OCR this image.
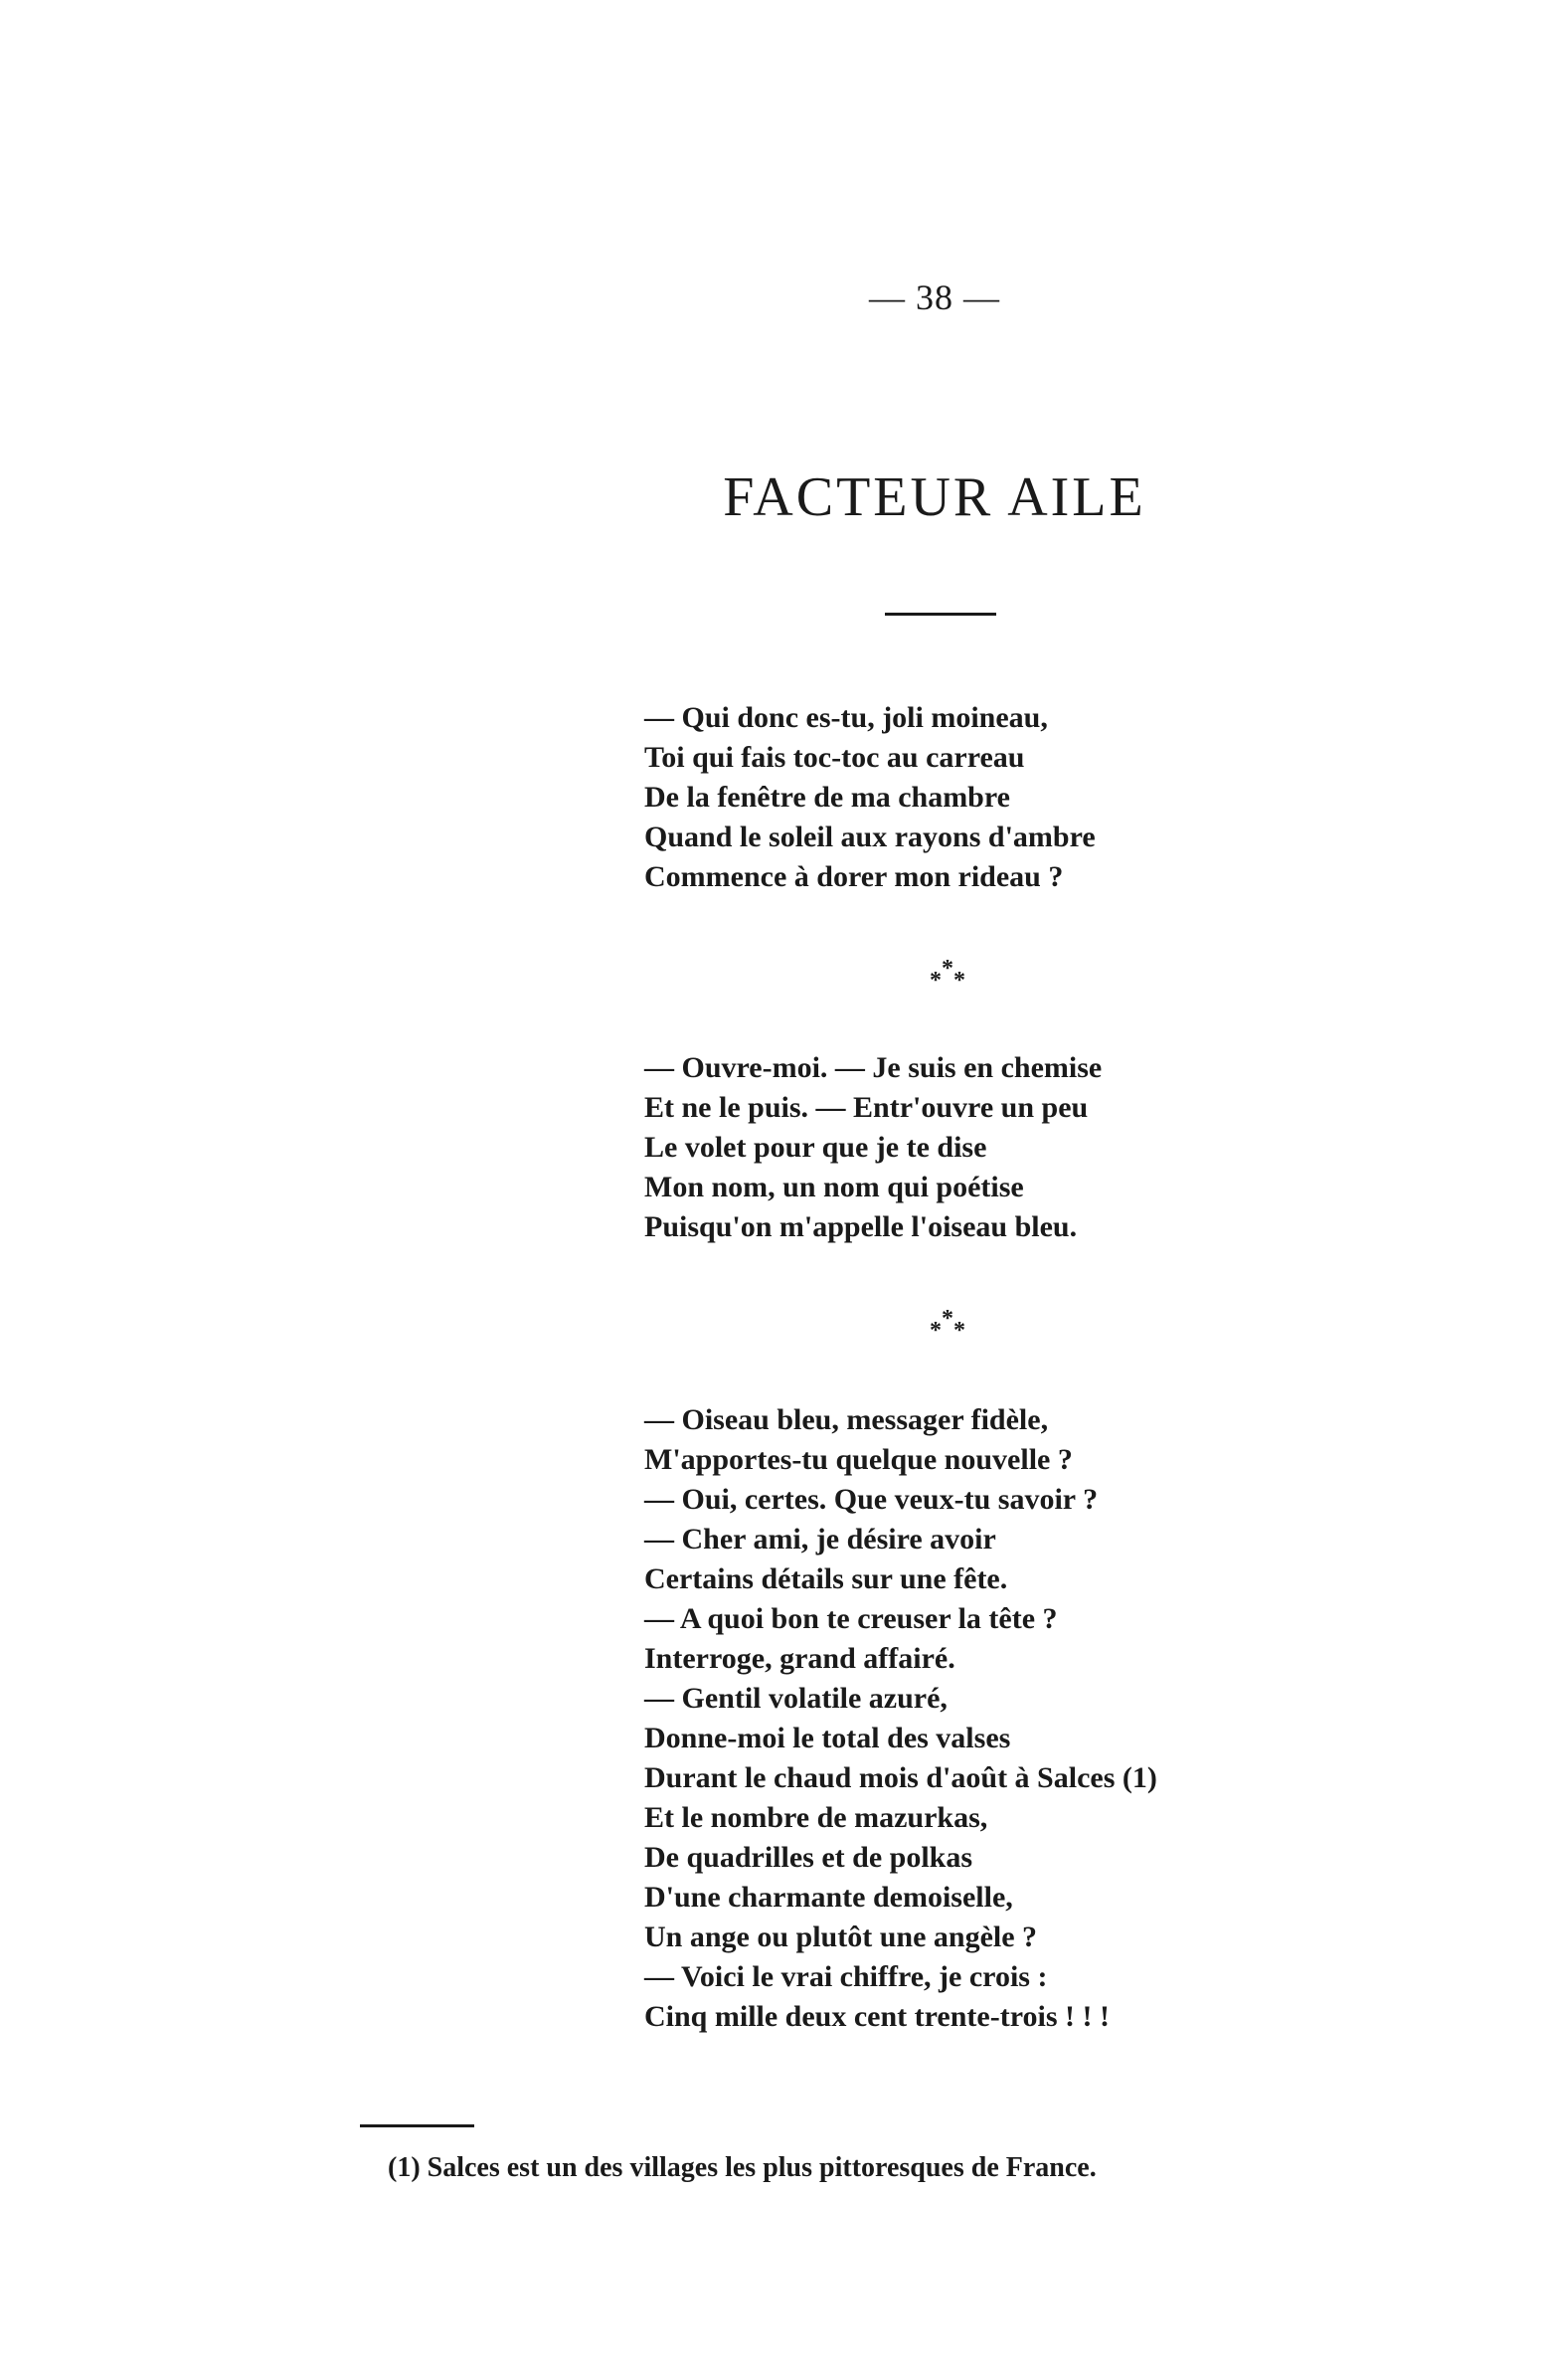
— 38 —
FACTEUR AILE
— Qui donc es-tu, joli moineau,
Toi qui fais toc-toc au carreau
De la fenêtre de ma chambre
Quand le soleil aux rayons d'ambre
Commence à dorer mon rideau ?
*
* *
— Ouvre-moi. — Je suis en chemise
Et ne le puis. — Entr'ouvre un peu
Le volet pour que je te dise
Mon nom, un nom qui poétise
Puisqu'on m'appelle l'oiseau bleu.
*
* *
— Oiseau bleu, messager fidèle,
M'apportes-tu quelque nouvelle ?
— Oui, certes. Que veux-tu savoir ?
— Cher ami, je désire avoir
Certains détails sur une fête.
— A quoi bon te creuser la tête ?
Interroge, grand affairé.
— Gentil volatile azuré,
Donne-moi le total des valses
Durant le chaud mois d'août à Salces (1)
Et le nombre de mazurkas,
De quadrilles et de polkas
D'une charmante demoiselle,
Un ange ou plutôt une angèle ?
— Voici le vrai chiffre, je crois :
Cinq mille deux cent trente-trois ! ! !
(1) Salces est un des villages les plus pittoresques de France.
